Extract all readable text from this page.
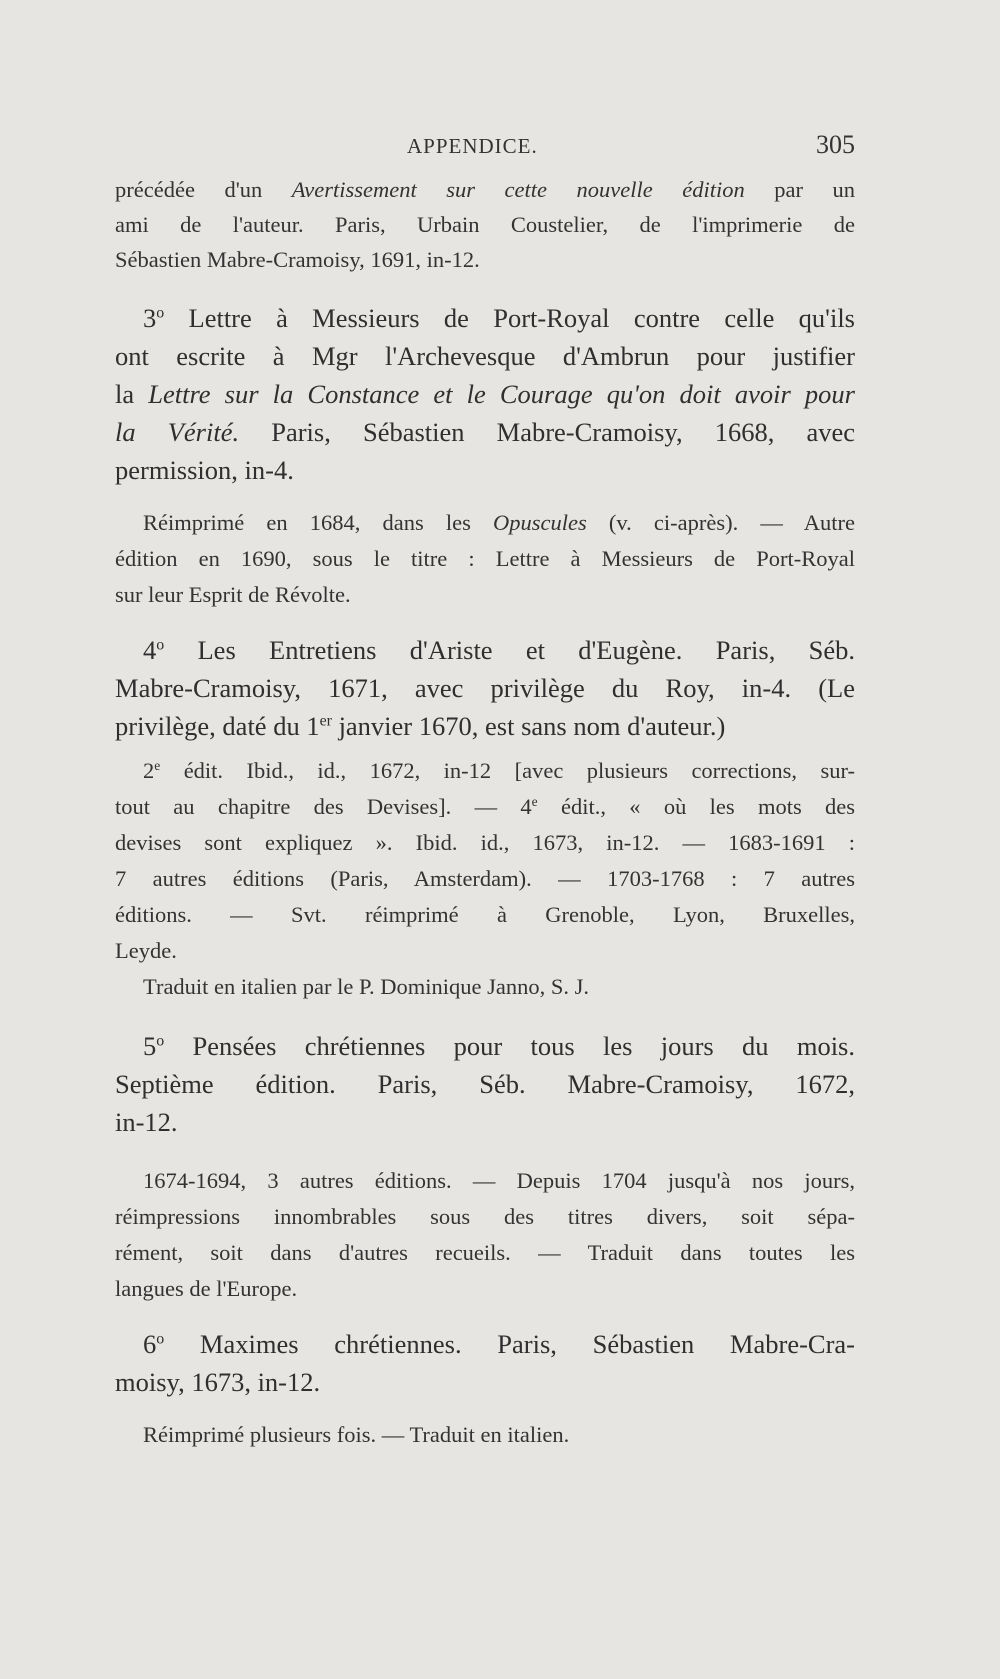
APPENDICE.	305
précédée d'un Avertissement sur cette nouvelle édition par un
ami de l'auteur. Paris, Urbain Coustelier, de l'imprimerie de
Sébastien Mabre-Cramoisy, 1691, in-12.
3$^o$ Lettre à Messieurs de Port-Royal contre celle qu'ils
ont escrite à Mgr l'Archevesque d'Ambrun pour justifier
la Lettre sur la Constance et le Courage qu'on doit avoir pour
la Vérité. Paris, Sébastien Mabre-Cramoisy, 1668, avec
permission, in-4.
Réimprimé en 1684, dans les Opuscules (v. ci-après). — Autre
édition en 1690, sous le titre : Lettre à Messieurs de Port-Royal
sur leur Esprit de Révolte.
4$^o$ Les Entretiens d'Ariste et d'Eugène. Paris, Séb.
Mabre-Cramoisy, 1671, avec privilège du Roy, in-4. (Le
privilège, daté du 1er janvier 1670, est sans nom d'auteur.)
2e édit. Ibid., id., 1672, in-12 [avec plusieurs corrections, sur-
tout au chapitre des Devises]. — 4e édit., « où les mots des
devises sont expliquez ». Ibid. id., 1673, in-12. — 1683-1691 :
7 autres éditions (Paris, Amsterdam). — 1703-1768 : 7 autres
éditions. — Svt. réimprimé à Grenoble, Lyon, Bruxelles,
Leyde.
Traduit en italien par le P. Dominique Janno, S. J.
5$^o$ Pensées chrétiennes pour tous les jours du mois.
Septième édition. Paris, Séb. Mabre-Cramoisy, 1672,
in-12.
1674-1694, 3 autres éditions. — Depuis 1704 jusqu'à nos jours,
réimpressions innombrables sous des titres divers, soit sépa-
rément, soit dans d'autres recueils. — Traduit dans toutes les
langues de l'Europe.
6$^o$ Maximes chrétiennes. Paris, Sébastien Mabre-Cra-
moisy, 1673, in-12.
Réimprimé plusieurs fois. — Traduit en italien.
